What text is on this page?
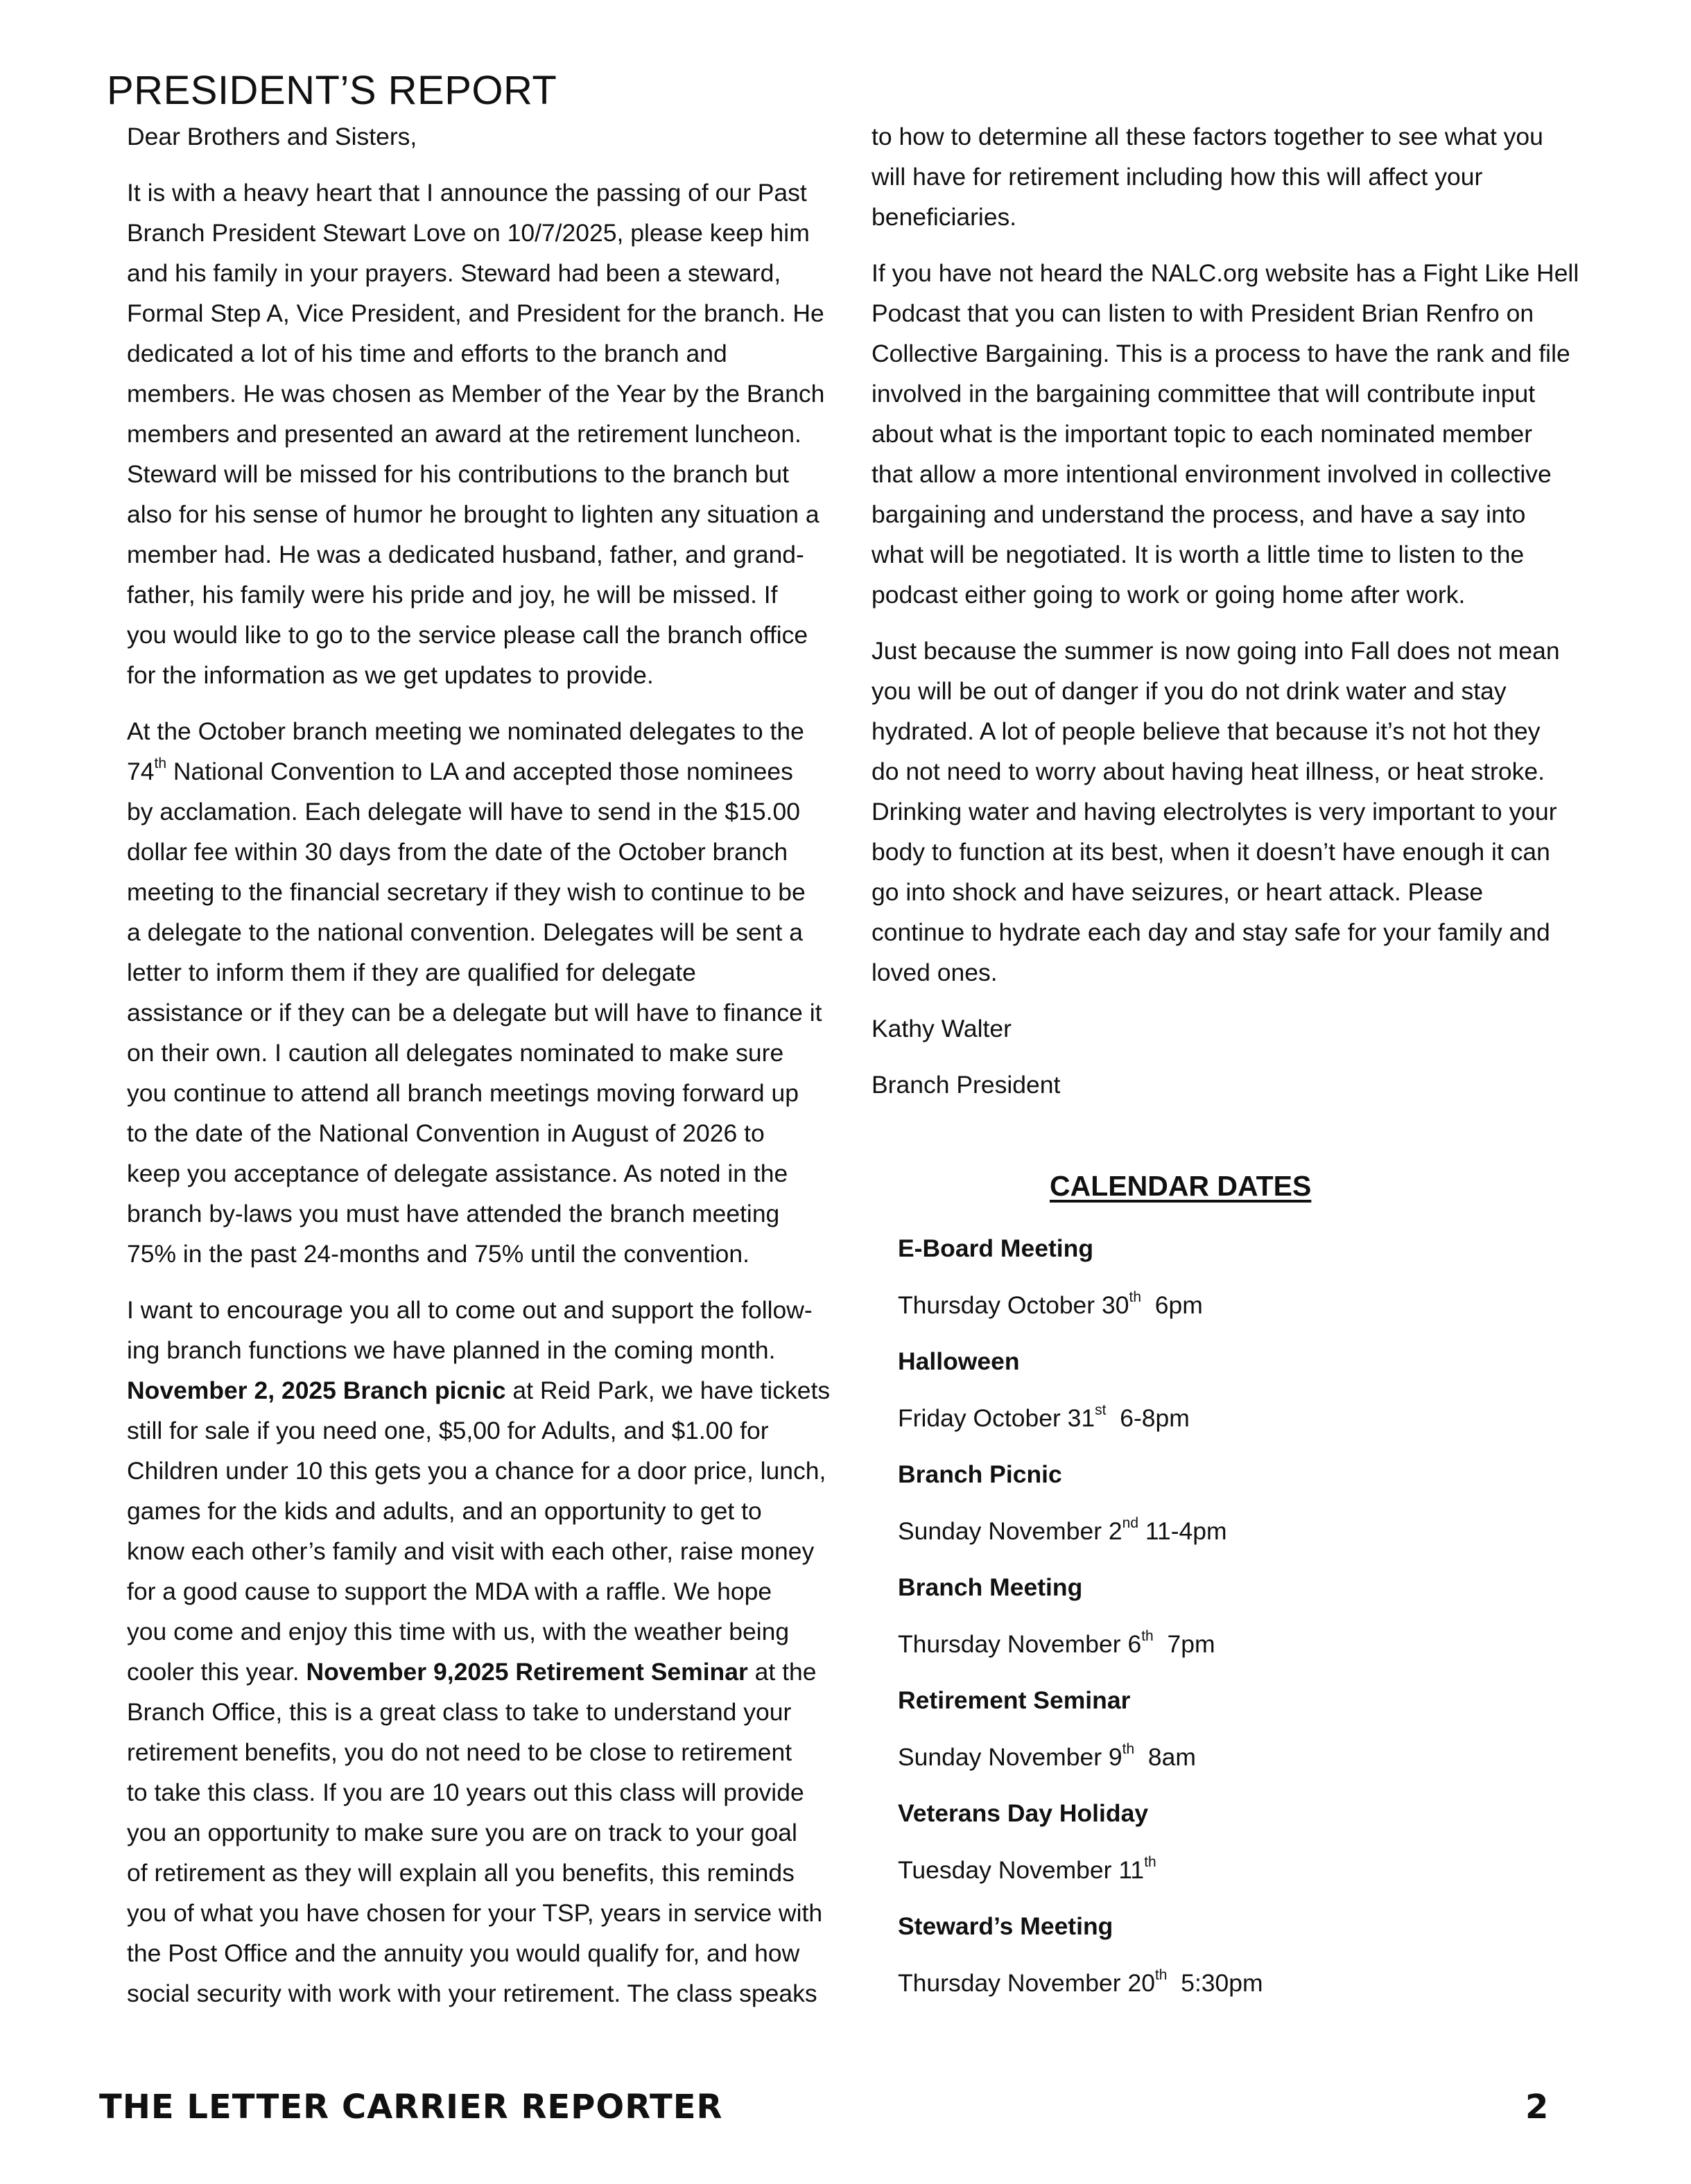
PRESIDENT’S REPORT

Dear Brothers and Sisters,

It is with a heavy heart that I announce the passing of our Past
Branch President Stewart Love on 10/7/2025, please keep him
and his family in your prayers. Steward had been a steward,
Formal Step A, Vice President, and President for the branch. He
dedicated a lot of his time and efforts to the branch and
members. He was chosen as Member of the Year by the Branch
members and presented an award at the retirement luncheon.
Steward will be missed for his contributions to the branch but
also for his sense of humor he brought to lighten any situation a
member had. He was a dedicated husband, father, and grand-
father, his family were his pride and joy, he will be missed. If
you would like to go to the service please call the branch office
for the information as we get updates to provide.

At the October branch meeting we nominated delegates to the
74th National Convention to LA and accepted those nominees
by acclamation. Each delegate will have to send in the $15.00
dollar fee within 30 days from the date of the October branch
meeting to the financial secretary if they wish to continue to be
a delegate to the national convention. Delegates will be sent a
letter to inform them if they are qualified for delegate
assistance or if they can be a delegate but will have to finance it
on their own. I caution all delegates nominated to make sure
you continue to attend all branch meetings moving forward up
to the date of the National Convention in August of 2026 to
keep you acceptance of delegate assistance. As noted in the
branch by-laws you must have attended the branch meeting
75% in the past 24-months and 75% until the convention.

I want to encourage you all to come out and support the follow-
ing branch functions we have planned in the coming month.
November 2, 2025 Branch picnic at Reid Park, we have tickets
still for sale if you need one, $5,00 for Adults, and $1.00 for
Children under 10 this gets you a chance for a door price, lunch,
games for the kids and adults, and an opportunity to get to
know each other’s family and visit with each other, raise money
for a good cause to support the MDA with a raffle. We hope
you come and enjoy this time with us, with the weather being
cooler this year. November 9,2025 Retirement Seminar at the
Branch Office, this is a great class to take to understand your
retirement benefits, you do not need to be close to retirement
to take this class. If you are 10 years out this class will provide
you an opportunity to make sure you are on track to your goal
of retirement as they will explain all you benefits, this reminds
you of what you have chosen for your TSP, years in service with
the Post Office and the annuity you would qualify for, and how
social security with work with your retirement. The class speaks

to how to determine all these factors together to see what you
will have for retirement including how this will affect your
beneficiaries.

If you have not heard the NALC.org website has a Fight Like Hell
Podcast that you can listen to with President Brian Renfro on
Collective Bargaining. This is a process to have the rank and file
involved in the bargaining committee that will contribute input
about what is the important topic to each nominated member
that allow a more intentional environment involved in collective
bargaining and understand the process, and have a say into
what will be negotiated. It is worth a little time to listen to the
podcast either going to work or going home after work.

Just because the summer is now going into Fall does not mean
you will be out of danger if you do not drink water and stay
hydrated. A lot of people believe that because it’s not hot they
do not need to worry about having heat illness, or heat stroke.
Drinking water and having electrolytes is very important to your
body to function at its best, when it doesn’t have enough it can
go into shock and have seizures, or heart attack. Please
continue to hydrate each day and stay safe for your family and
loved ones.

Kathy Walter

Branch President

CALENDAR DATES
E-Board Meeting
Thursday October 30th  6pm
Halloween
Friday October 31st  6-8pm
Branch Picnic
Sunday November 2nd 11-4pm
Branch Meeting
Thursday November 6th  7pm
Retirement Seminar
Sunday November 9th  8am
Veterans Day Holiday
Tuesday November 11th
Steward’s Meeting
Thursday November 20th  5:30pm
THE LETTER CARRIER REPORTER	2
